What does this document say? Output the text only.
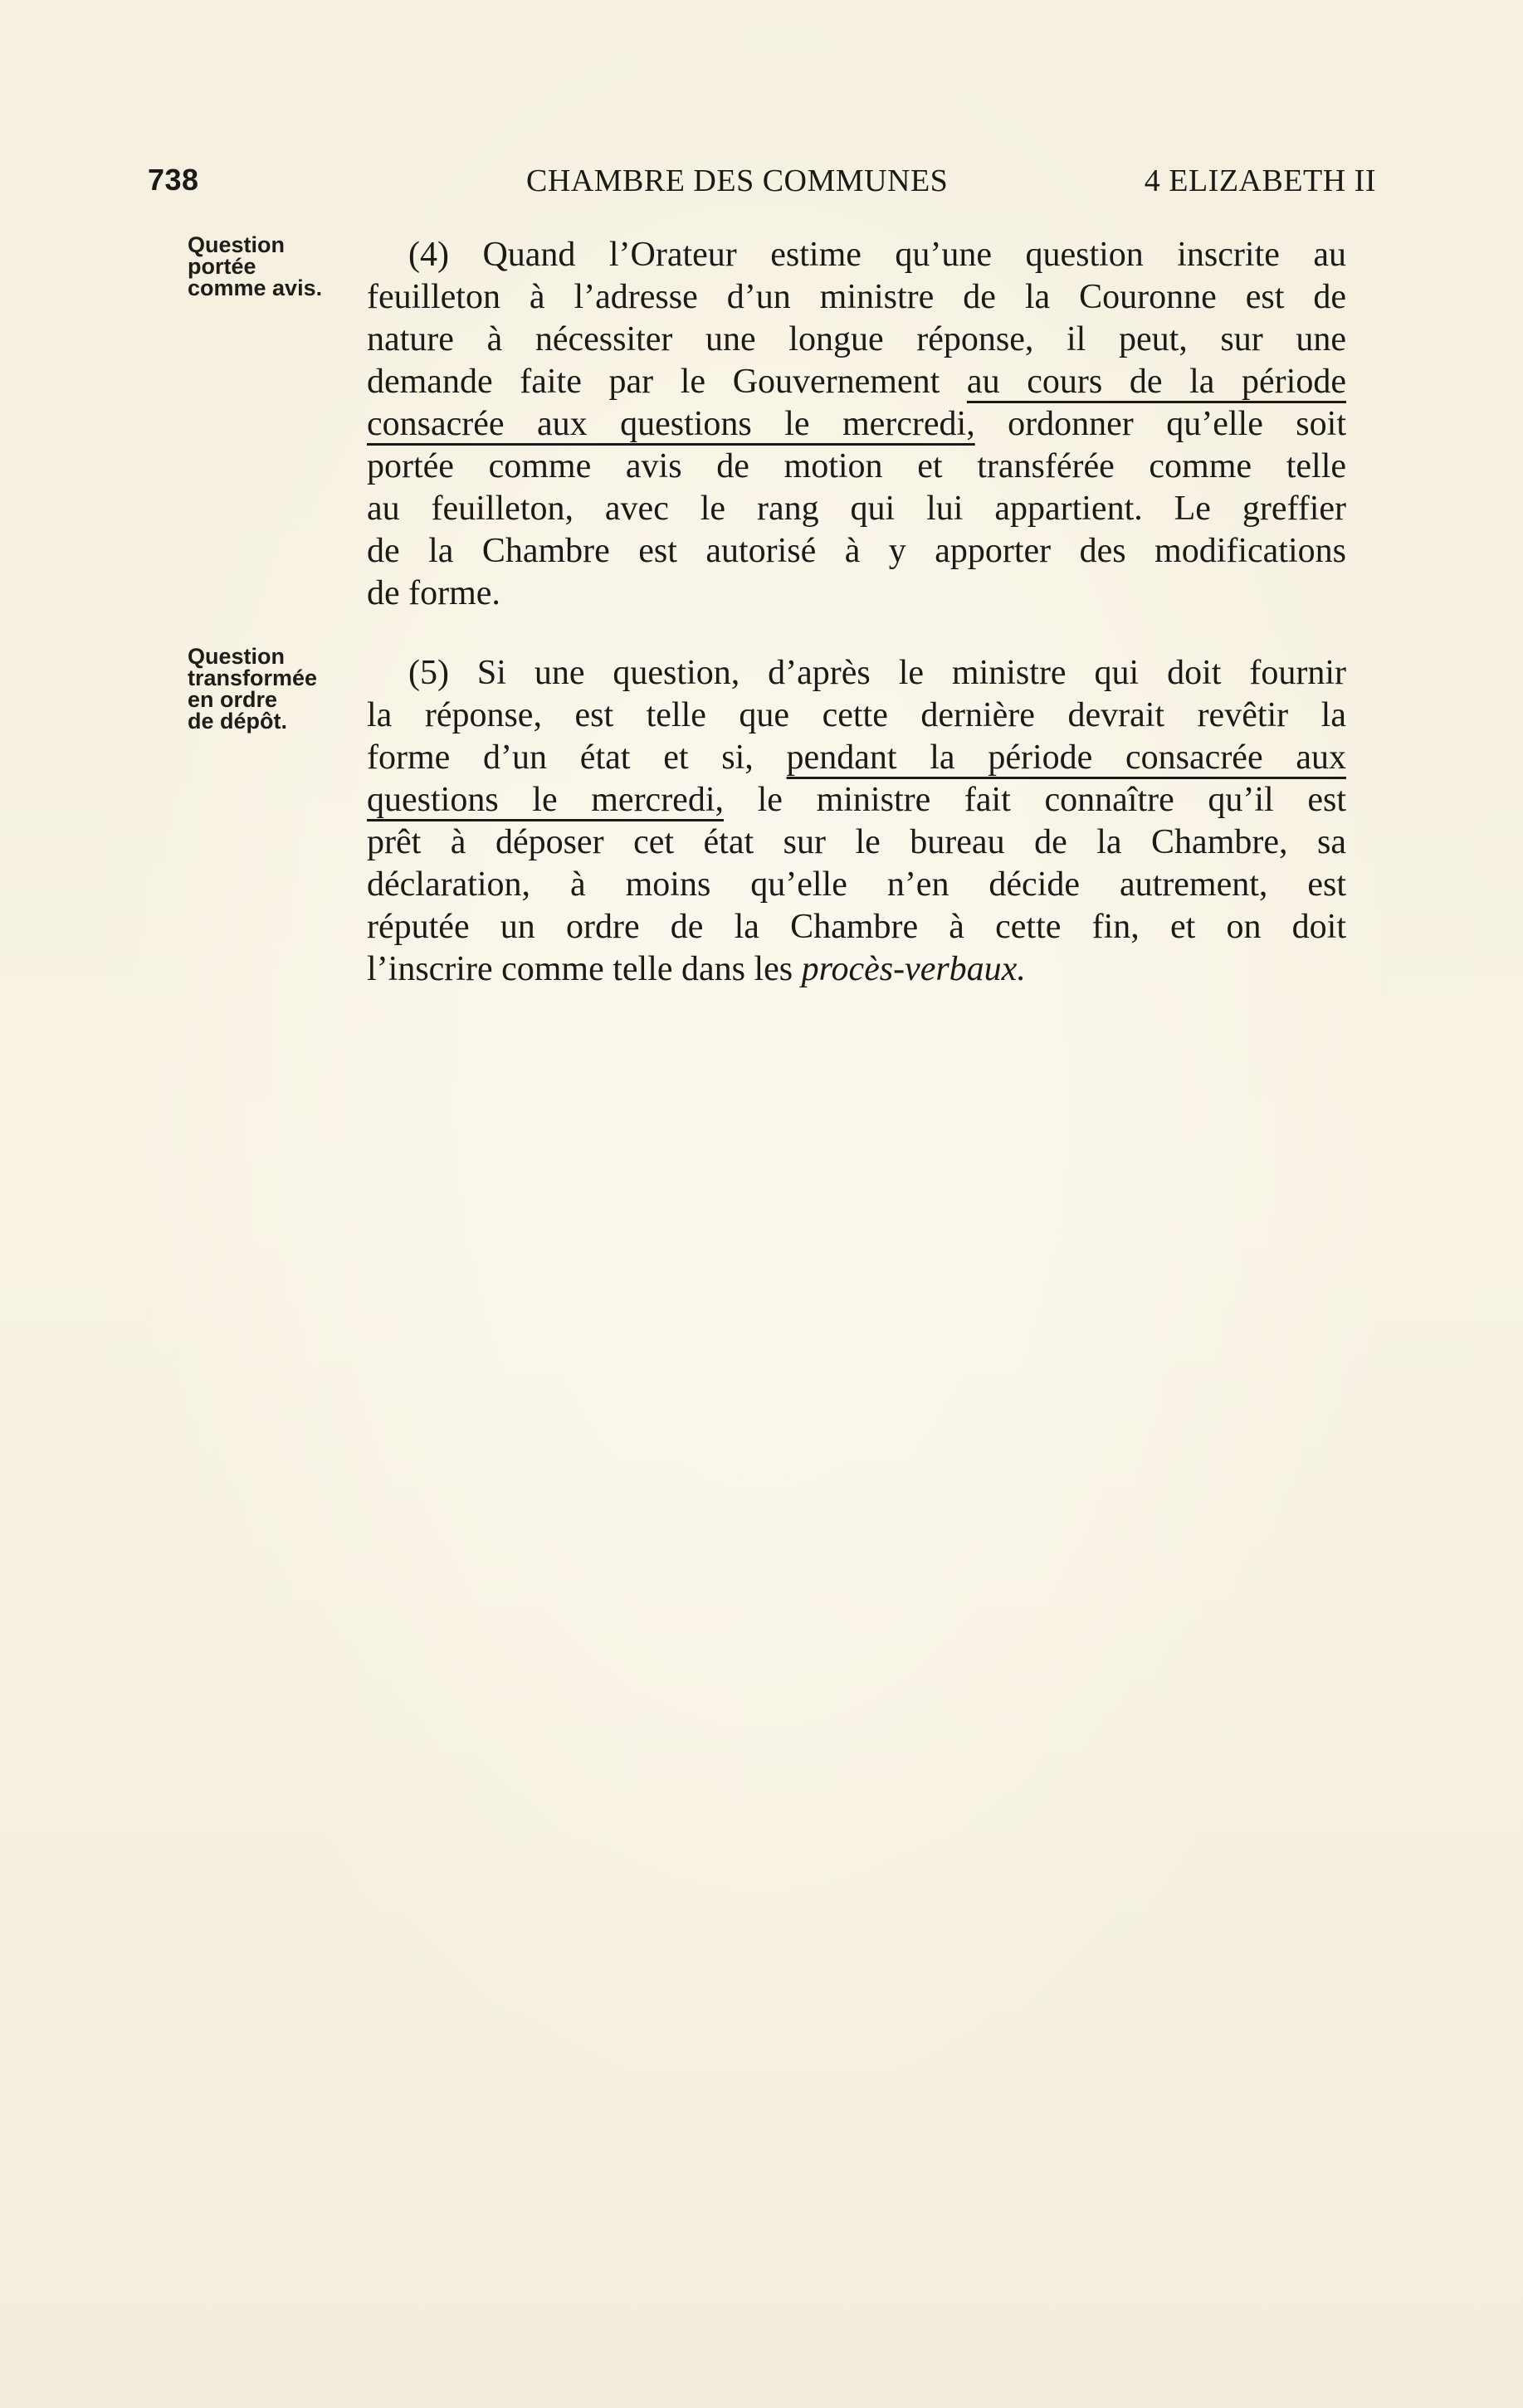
738	CHAMBRE DES COMMUNES	4 ELIZABETH II
Question
portée
comme avis.
Question
transformée
en ordre
de dépôt.
(4) Quand l’Orateur estime qu’une question inscrite au
feuilleton à l’adresse d’un ministre de la Couronne est de
nature à nécessiter une longue réponse, il peut, sur une
demande faite par le Gouvernement au cours de la période
consacrée aux questions le mercredi, ordonner qu’elle soit
portée comme avis de motion et transférée comme telle
au feuilleton, avec le rang qui lui appartient. Le greffier
de la Chambre est autorisé à y apporter des modifications
de forme.
(5) Si une question, d’après le ministre qui doit fournir
la réponse, est telle que cette dernière devrait revêtir la
forme d’un état et si, pendant la période consacrée aux
questions le mercredi, le ministre fait connaître qu’il est
prêt à déposer cet état sur le bureau de la Chambre, sa
déclaration, à moins qu’elle n’en décide autrement, est
réputée un ordre de la Chambre à cette fin, et on doit
l’inscrire comme telle dans les procès-verbaux.
